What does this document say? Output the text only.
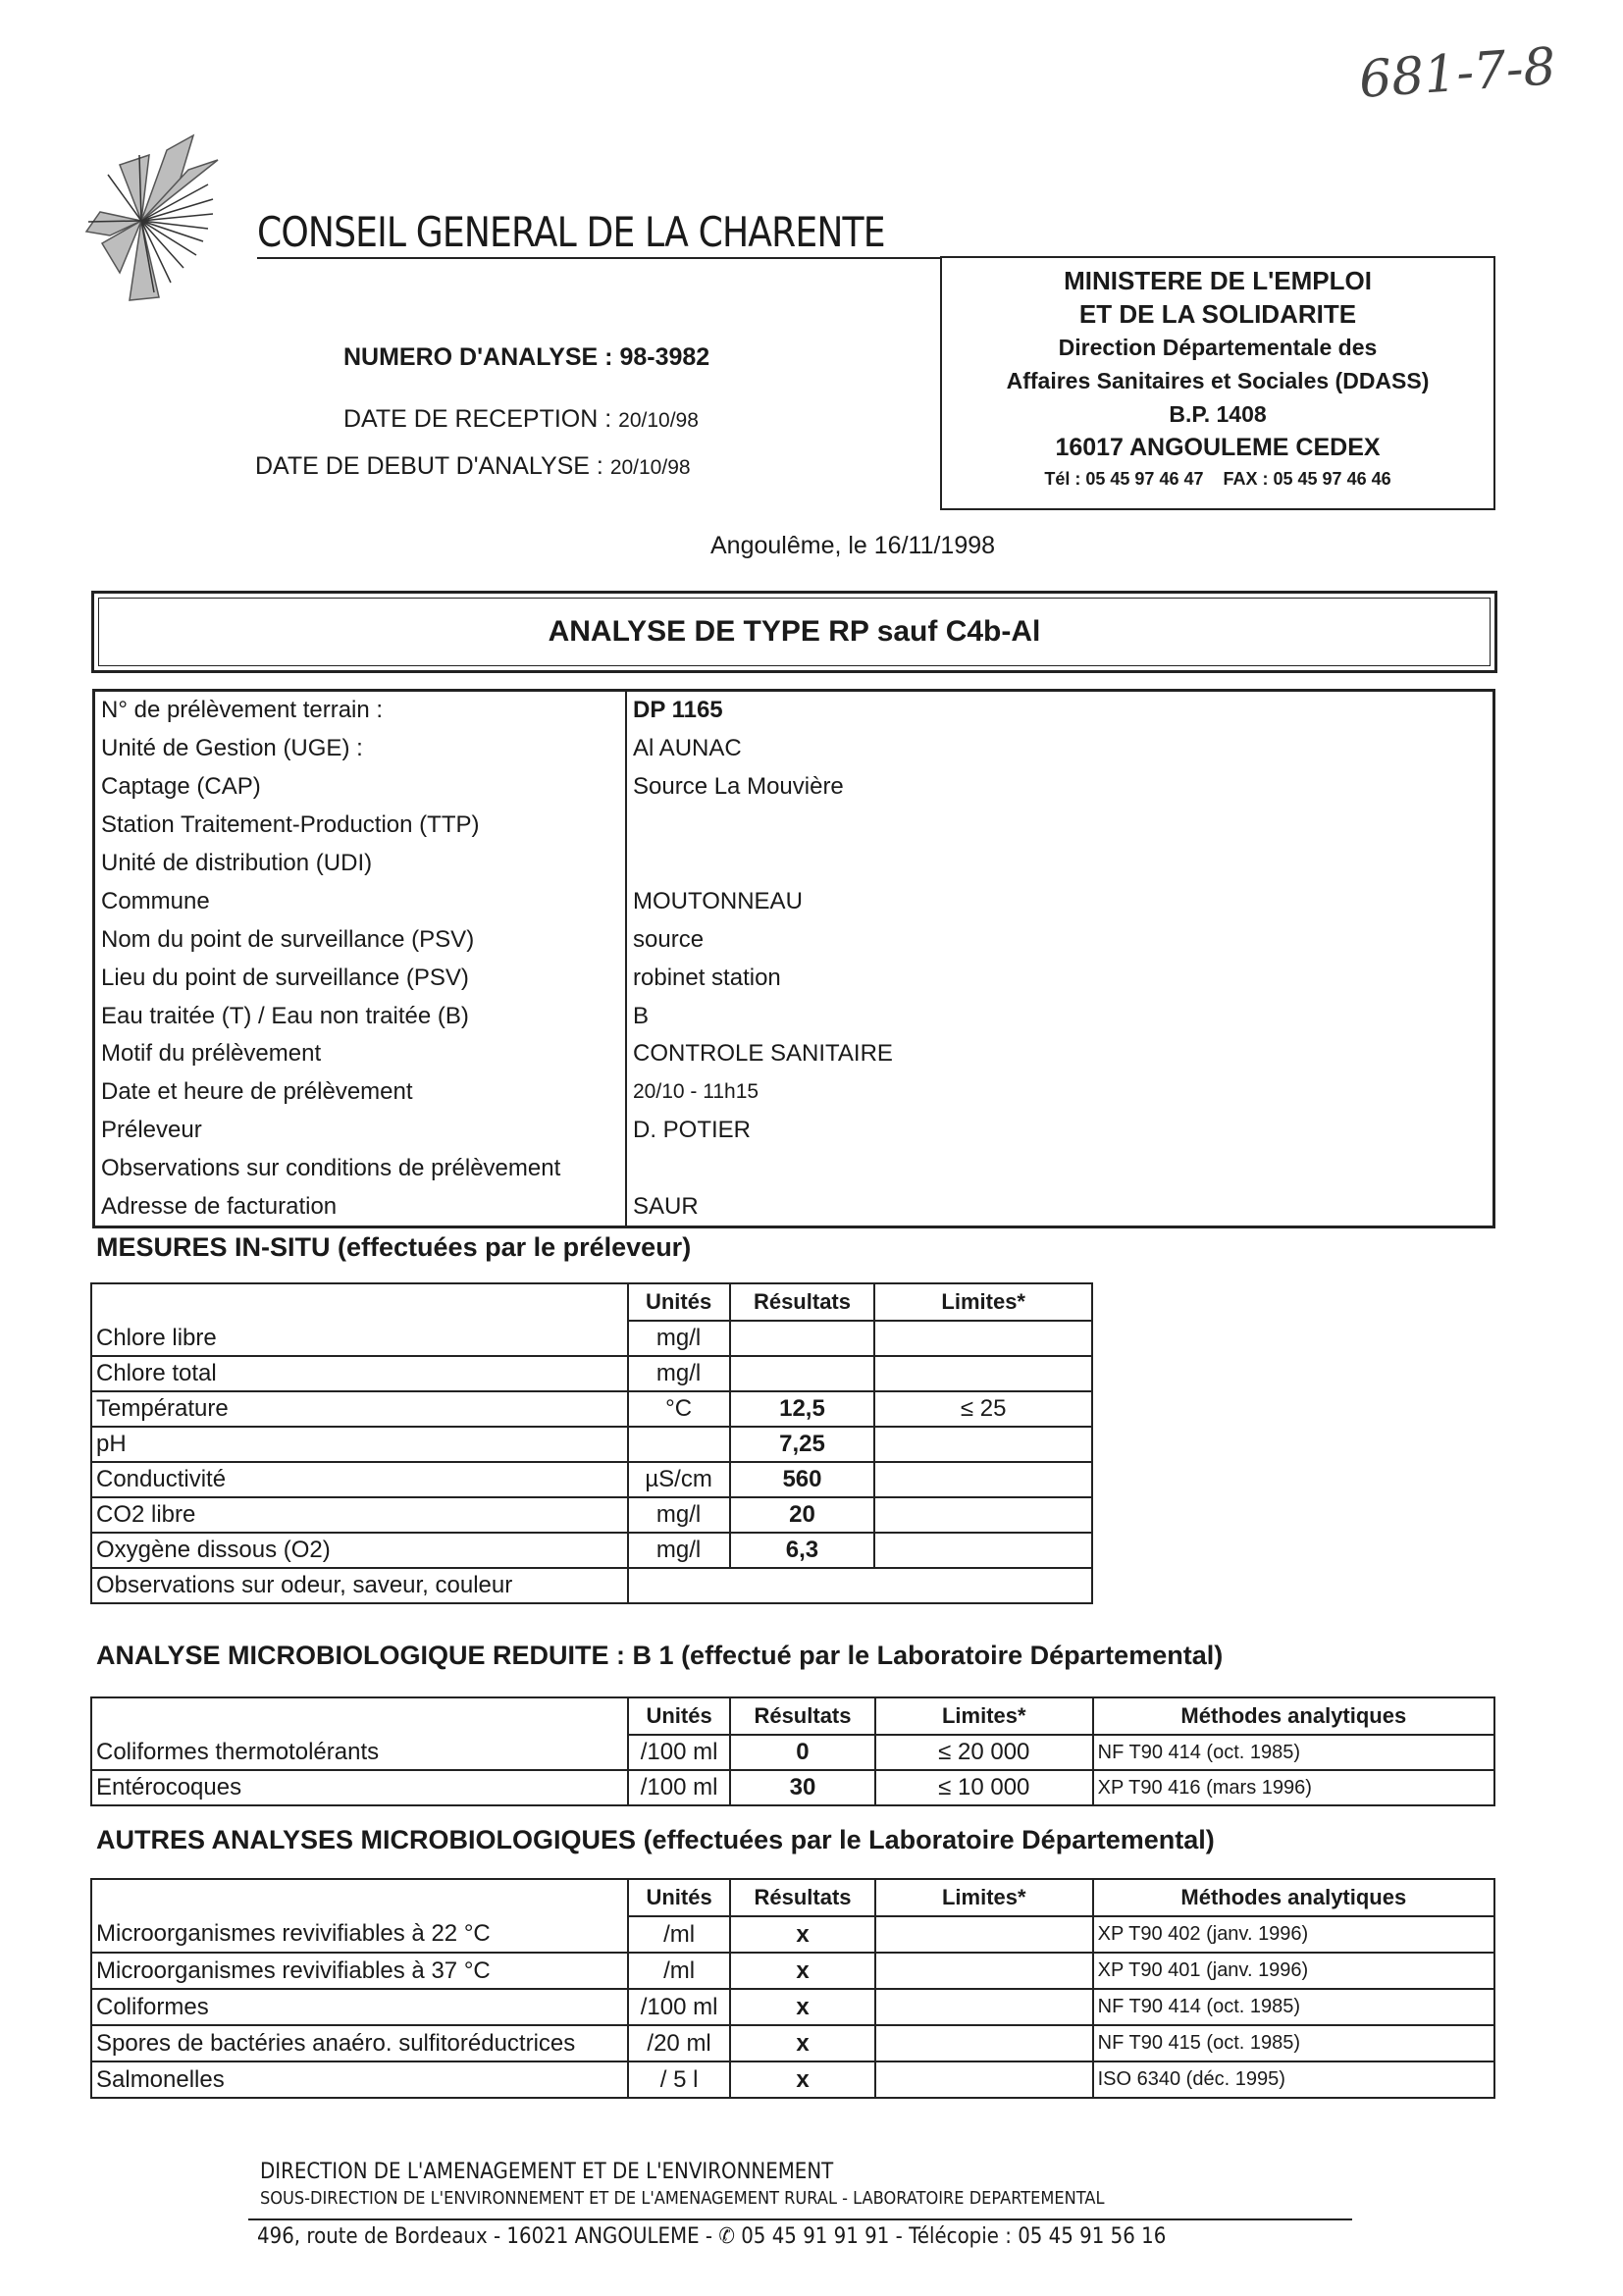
CONSEIL GENERAL DE LA CHARENTE
681-7-8
MINISTERE DE L'EMPLOI
ET DE LA SOLIDARITE
Direction Départementale des
Affaires Sanitaires et Sociales (DDASS)
B.P. 1408
16017 ANGOULEME CEDEX
Tél : 05 45 97 46 47    FAX : 05 45 97 46 46
NUMERO D'ANALYSE : 98-3982
DATE DE RECEPTION : 20/10/98
DATE DE DEBUT D'ANALYSE : 20/10/98
Angoulême, le 16/11/1998
ANALYSE DE TYPE RP sauf C4b-Al
N° de prélèvement terrain :	DP 1165
Unité de Gestion (UGE) :	Al AUNAC
Captage (CAP)	Source La Mouvière
Station Traitement-Production (TTP)	
Unité de distribution (UDI)	
Commune	MOUTONNEAU
Nom du point de surveillance (PSV)	source
Lieu du point de surveillance (PSV)	robinet station
Eau traitée (T) / Eau non traitée (B)	B
Motif du prélèvement	CONTROLE SANITAIRE
Date et heure de prélèvement	20/10 - 11h15
Préleveur	D. POTIER
Observations sur conditions de prélèvement	
Adresse de facturation	SAUR
MESURES IN-SITU (effectuées par le préleveur)
	Unités	Résultats	Limites*
Chlore libre	mg/l		
Chlore total	mg/l		
Température	°C	12,5	≤ 25
pH		7,25	
Conductivité	µS/cm	560	
CO2 libre	mg/l	20	
Oxygène dissous (O2)	mg/l	6,3	
Observations sur odeur, saveur, couleur			
ANALYSE MICROBIOLOGIQUE REDUITE : B 1 (effectué par le Laboratoire Départemental)
	Unités	Résultats	Limites*	Méthodes analytiques
Coliformes thermotolérants	/100 ml	0	≤ 20 000	NF T90 414 (oct. 1985)
Entérocoques	/100 ml	30	≤ 10 000	XP T90 416 (mars 1996)
AUTRES ANALYSES MICROBIOLOGIQUES (effectuées par le Laboratoire Départemental)
	Unités	Résultats	Limites*	Méthodes analytiques
Microorganismes revivifiables à 22 °C	/ml	x		XP T90 402 (janv. 1996)
Microorganismes revivifiables à 37 °C	/ml	x		XP T90 401 (janv. 1996)
Coliformes	/100 ml	x		NF T90 414 (oct. 1985)
Spores de bactéries anaéro. sulfitoréductrices	/20 ml	x		NF T90 415 (oct. 1985)
Salmonelles	/ 5 l	x		ISO 6340 (déc. 1995)
DIRECTION DE L'AMENAGEMENT ET DE L'ENVIRONNEMENT
SOUS-DIRECTION DE L'ENVIRONNEMENT ET DE L'AMENAGEMENT RURAL - LABORATOIRE DEPARTEMENTAL
496, route de Bordeaux - 16021 ANGOULEME - ✆ 05 45 91 91 91 - Télécopie : 05 45 91 56 16
